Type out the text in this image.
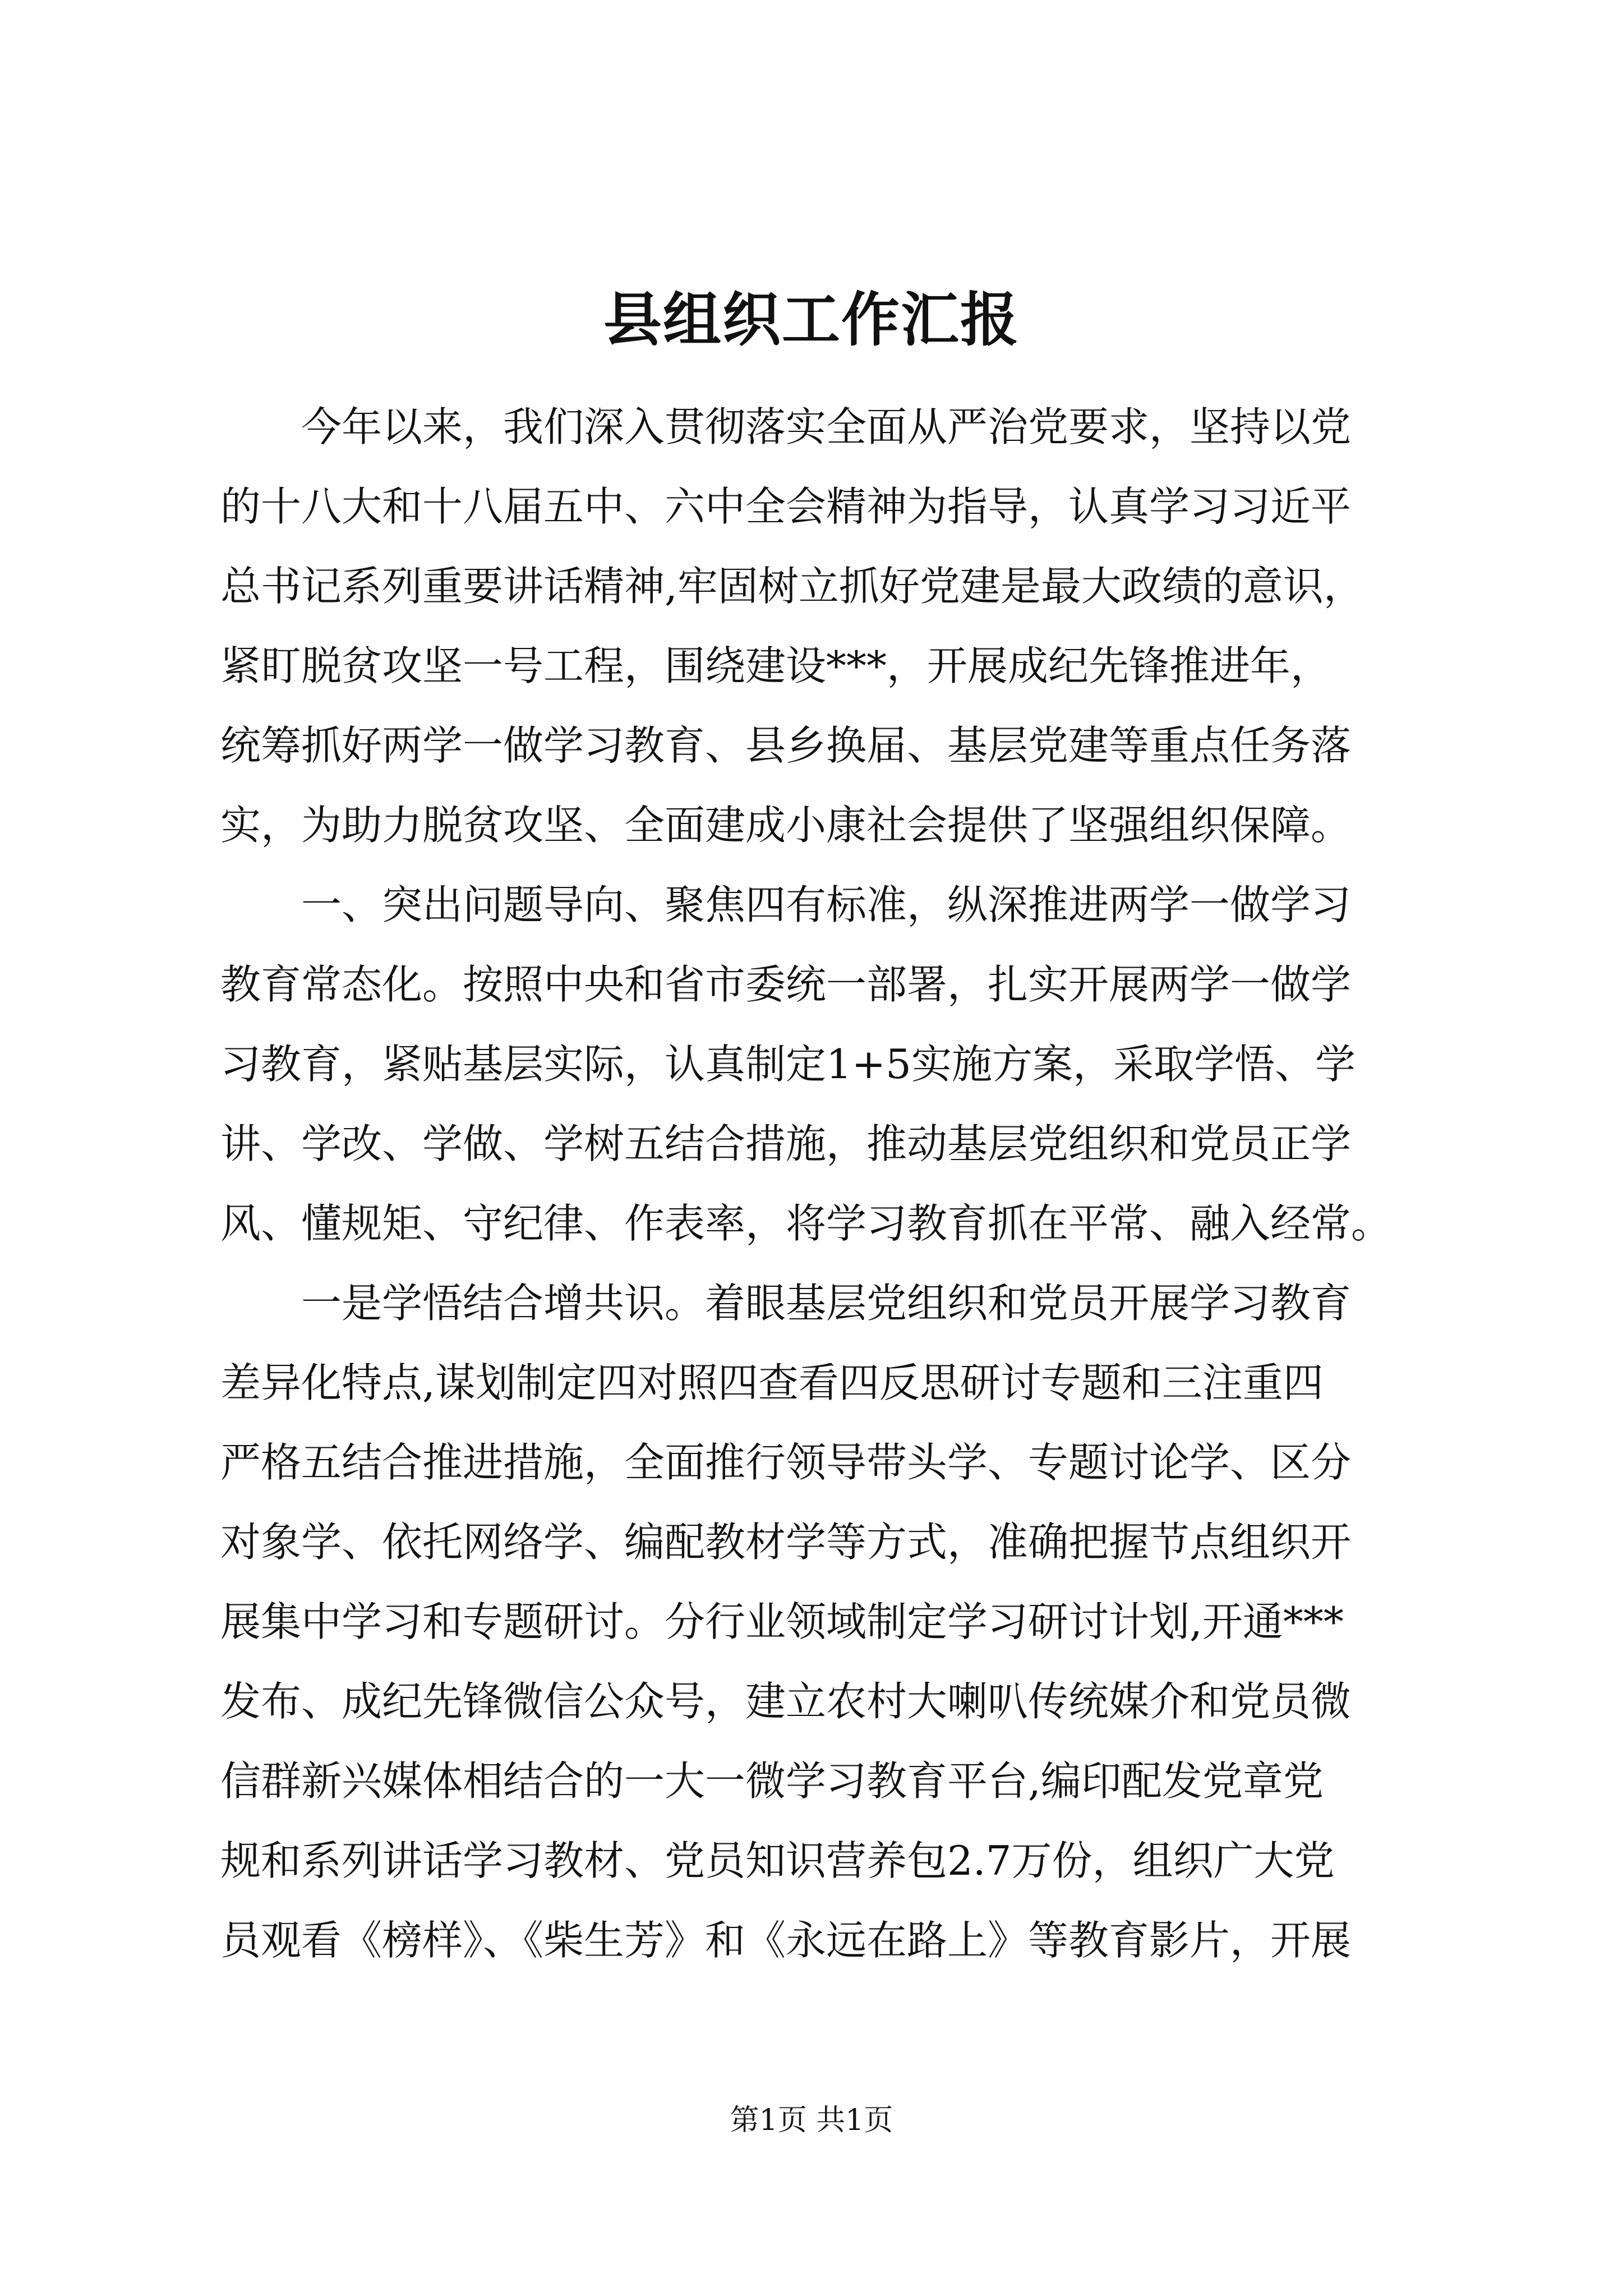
县组织工作汇报
今年以来，我们深入贯彻落实全面从严治党要求，坚持以党
的十八大和十八届五中、六中全会精神为指导，认真学习习近平
总书记系列重要讲话精神,牢固树立抓好党建是最大政绩的意识，
紧盯脱贫攻坚一号工程，围绕建设***，开展成纪先锋推进年，
统筹抓好两学一做学习教育、县乡换届、基层党建等重点任务落
实，为助力脱贫攻坚、全面建成小康社会提供了坚强组织保障。
一、突出问题导向、聚焦四有标准，纵深推进两学一做学习
教育常态化。按照中央和省市委统一部署，扎实开展两学一做学
习教育，紧贴基层实际，认真制定1+5实施方案，采取学悟、学
讲、学改、学做、学树五结合措施，推动基层党组织和党员正学
风、懂规矩、守纪律、作表率，将学习教育抓在平常、融入经常。
一是学悟结合增共识。着眼基层党组织和党员开展学习教育
差异化特点,谋划制定四对照四查看四反思研讨专题和三注重四
严格五结合推进措施，全面推行领导带头学、专题讨论学、区分
对象学、依托网络学、编配教材学等方式，准确把握节点组织开
展集中学习和专题研讨。分行业领域制定学习研讨计划,开通***
发布、成纪先锋微信公众号，建立农村大喇叭传统媒介和党员微
信群新兴媒体相结合的一大一微学习教育平台,编印配发党章党
规和系列讲话学习教材、党员知识营养包2.7万份，组织广大党
员观看《榜样》、《柴生芳》和《永远在路上》等教育影片，开展
第1页 共1页
